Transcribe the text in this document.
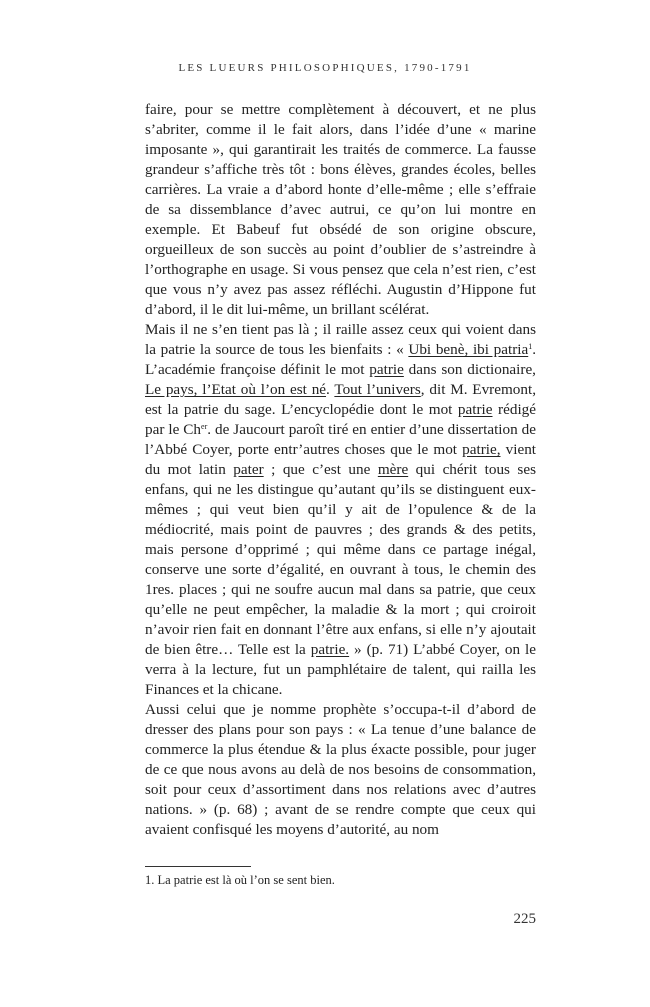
LES LUEURS PHILOSOPHIQUES, 1790-1791

faire, pour se mettre complètement à découvert, et ne plus s’abriter, comme il le fait alors, dans l’idée d’une « marine imposante », qui garantirait les traités de commerce. La fausse grandeur s’affiche très tôt : bons élèves, grandes écoles, belles carrières. La vraie a d’abord honte d’elle-même ; elle s’effraie de sa dissemblance d’avec autrui, ce qu’on lui montre en exemple. Et Babeuf fut obsédé de son origine obscure, orgueilleux de son succès au point d’oublier de s’astreindre à l’orthographe en usage. Si vous pensez que cela n’est rien, c’est que vous n’y avez pas assez réfléchi. Augustin d’Hippone fut d’abord, il le dit lui-même, un brillant scélérat.

Mais il ne s’en tient pas là ; il raille assez ceux qui voient dans la patrie la source de tous les bienfaits : « Ubi benè, ibi patria$^1$. L’académie françoise définit le mot patrie dans son dictionaire, Le pays, l’Etat où l’on est né. Tout l’univers, dit M. Evremont, est la patrie du sage. L’encyclopédie dont le mot patrie rédigé par le $Ch^{er}$. de Jaucourt paroît tiré en entier d’une dissertation de l’Abbé Coyer, porte entr’autres choses que le mot patrie, vient du mot latin pater ; que c’est une mère qui chérit tous ses enfans, qui ne les distingue qu’autant qu’ils se distinguent eux-mêmes ; qui veut bien qu’il y ait de l’opulence & de la médiocrité, mais point de pauvres ; des grands & des petits, mais persone d’opprimé ; qui même dans ce partage inégal, conserve une sorte d’égalité, en ouvrant à tous, le chemin des 1res. places ; qui ne soufre aucun mal dans sa patrie, que ceux qu’elle ne peut empêcher, la maladie & la mort ; qui croiroit n’avoir rien fait en donnant l’être aux enfans, si elle n’y ajoutait de bien être… Telle est la patrie. » (p. 71) L’abbé Coyer, on le verra à la lecture, fut un pamphlétaire de talent, qui railla les Finances et la chicane.

Aussi celui que je nomme prophète s’occupa-t-il d’abord de dresser des plans pour son pays : « La tenue d’une balance de commerce la plus étendue & la plus éxacte possible, pour juger de ce que nous avons au delà de nos besoins de consommation, soit pour ceux d’assortiment dans nos relations avec d’autres nations. » (p. 68) ; avant de se rendre compte que ceux qui avaient confisqué les moyens d’autorité, au nom

1. La patrie est là où l’on se sent bien.
225
